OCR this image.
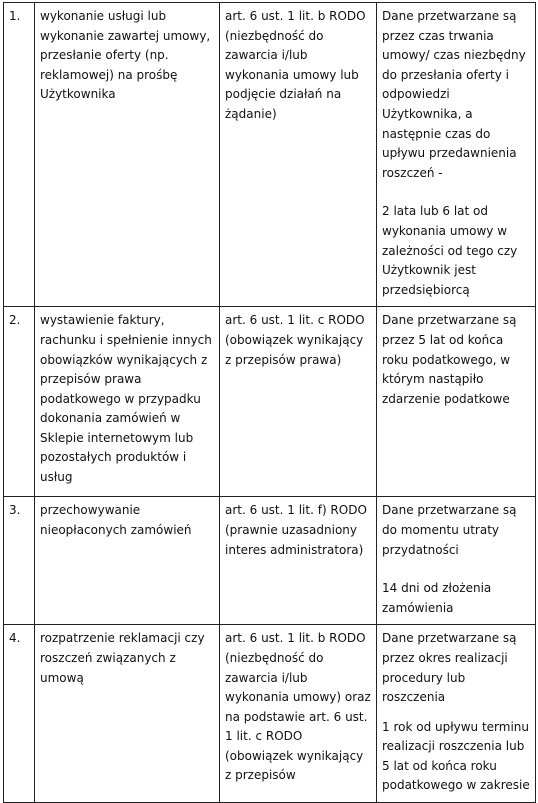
1.	wykonanie usługi lub wykonanie zawartej umowy, przesłanie oferty (np. reklamowej) na prośbę Użytkownika	art. 6 ust. 1 lit. b RODO (niezbędność do zawarcia i/lub wykonania umowy lub podjęcie działań na żądanie)	Dane przetwarzane są przez czas trwania umowy/ czas niezbędny do przesłania oferty i odpowiedzi Użytkownika, a następnie czas do upływu przedawnienia roszczeń -
2 lata lub 6 lat od wykonania umowy w zależności od tego czy Użytkownik jest przedsiębiorcą

2.	wystawienie faktury, rachunku i spełnienie innych obowiązków wynikających z przepisów prawa podatkowego w przypadku dokonania zamówień w Sklepie internetowym lub pozostałych produktów i usług	art. 6 ust. 1 lit. c RODO (obowiązek wynikający z przepisów prawa)	Dane przetwarzane są przez 5 lat od końca roku podatkowego, w którym nastąpiło zdarzenie podatkowe

3.	przechowywanie nieopłaconych zamówień	art. 6 ust. 1 lit. f) RODO (prawnie uzasadniony interes administratora)	Dane przetwarzane są do momentu utraty przydatności
14 dni od złożenia zamówienia

4.	rozpatrzenie reklamacji czy roszczeń związanych z umową	art. 6 ust. 1 lit. b RODO (niezbędność do zawarcia i/lub wykonania umowy) oraz na podstawie art. 6 ust. 1 lit. c RODO (obowiązek wynikający z przepisów	Dane przetwarzane są przez okres realizacji procedury lub roszczenia
1 rok od upływu terminu realizacji roszczenia lub 5 lat od końca roku podatkowego w zakresie
